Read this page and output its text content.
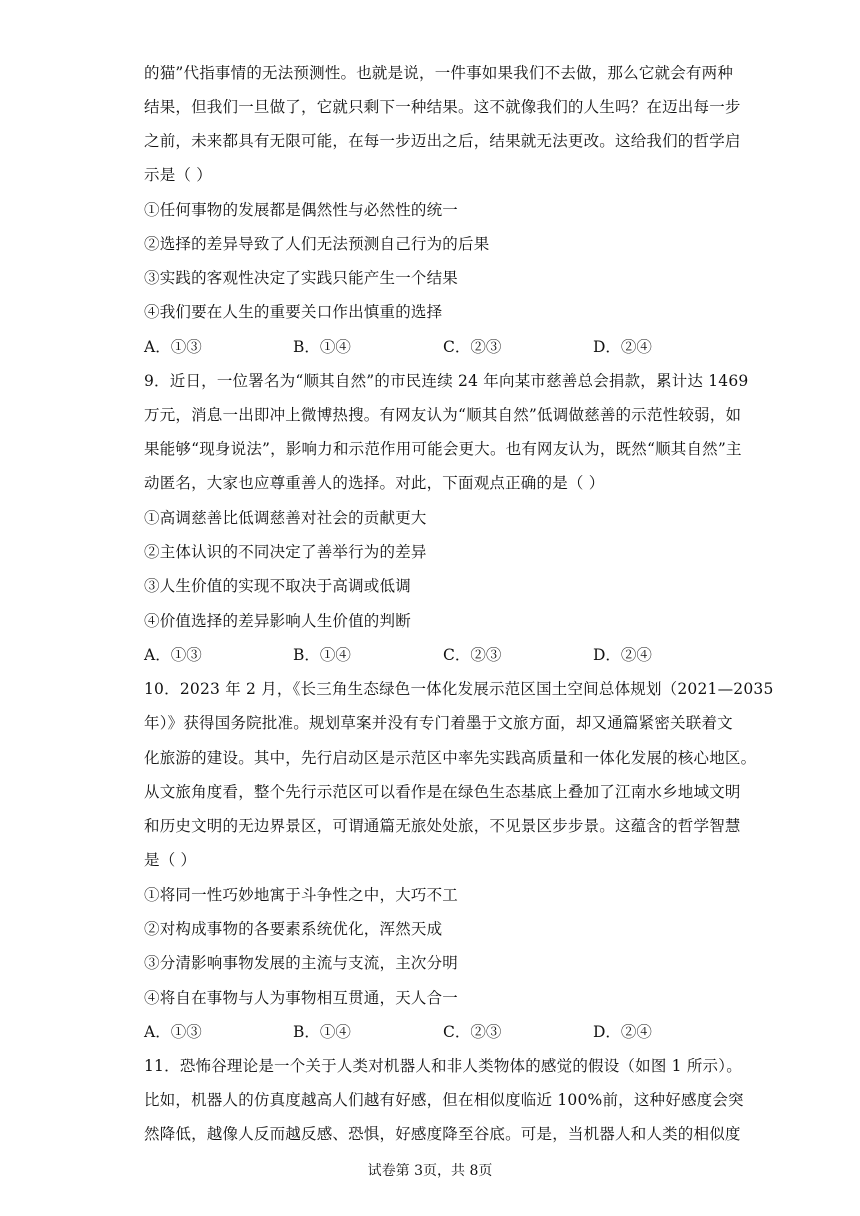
的猫”代指事情的无法预测性。也就是说，一件事如果我们不去做，那么它就会有两种
结果，但我们一旦做了，它就只剩下一种结果。这不就像我们的人生吗？在迈出每一步
之前，未来都具有无限可能，在每一步迈出之后，结果就无法更改。这给我们的哲学启
示是（ ）
①任何事物的发展都是偶然性与必然性的统一
②选择的差异导致了人们无法预测自己行为的后果
③实践的客观性决定了实践只能产生一个结果
④我们要在人生的重要关口作出慎重的选择
A．①③	B．①④	C．②③	D．②④
9．近日，一位署名为“顺其自然”的市民连续 24 年向某市慈善总会捐款，累计达 1469
万元，消息一出即冲上微博热搜。有网友认为“顺其自然”低调做慈善的示范性较弱，如
果能够“现身说法”，影响力和示范作用可能会更大。也有网友认为，既然“顺其自然”主
动匿名，大家也应尊重善人的选择。对此，下面观点正确的是（ ）
①高调慈善比低调慈善对社会的贡献更大
②主体认识的不同决定了善举行为的差异
③人生价值的实现不取决于高调或低调
④价值选择的差异影响人生价值的判断
A．①③	B．①④	C．②③	D．②④
10．2023 年 2 月，《长三角生态绿色一体化发展示范区国土空间总体规划（2021—2035
年）》获得国务院批准。规划草案并没有专门着墨于文旅方面，却又通篇紧密关联着文
化旅游的建设。其中，先行启动区是示范区中率先实践高质量和一体化发展的核心地区。
从文旅角度看，整个先行示范区可以看作是在绿色生态基底上叠加了江南水乡地域文明
和历史文明的无边界景区，可谓通篇无旅处处旅，不见景区步步景。这蕴含的哲学智慧
是（ ）
①将同一性巧妙地寓于斗争性之中，大巧不工
②对构成事物的各要素系统优化，浑然天成
③分清影响事物发展的主流与支流，主次分明
④将自在事物与人为事物相互贯通，天人合一
A．①③	B．①④	C．②③	D．②④
11．恐怖谷理论是一个关于人类对机器人和非人类物体的感觉的假设（如图 1 所示）。
比如，机器人的仿真度越高人们越有好感，但在相似度临近 100%前，这种好感度会突
然降低，越像人反而越反感、恐惧，好感度降至谷底。可是，当机器人和人类的相似度
试卷第 3页，共 8页
